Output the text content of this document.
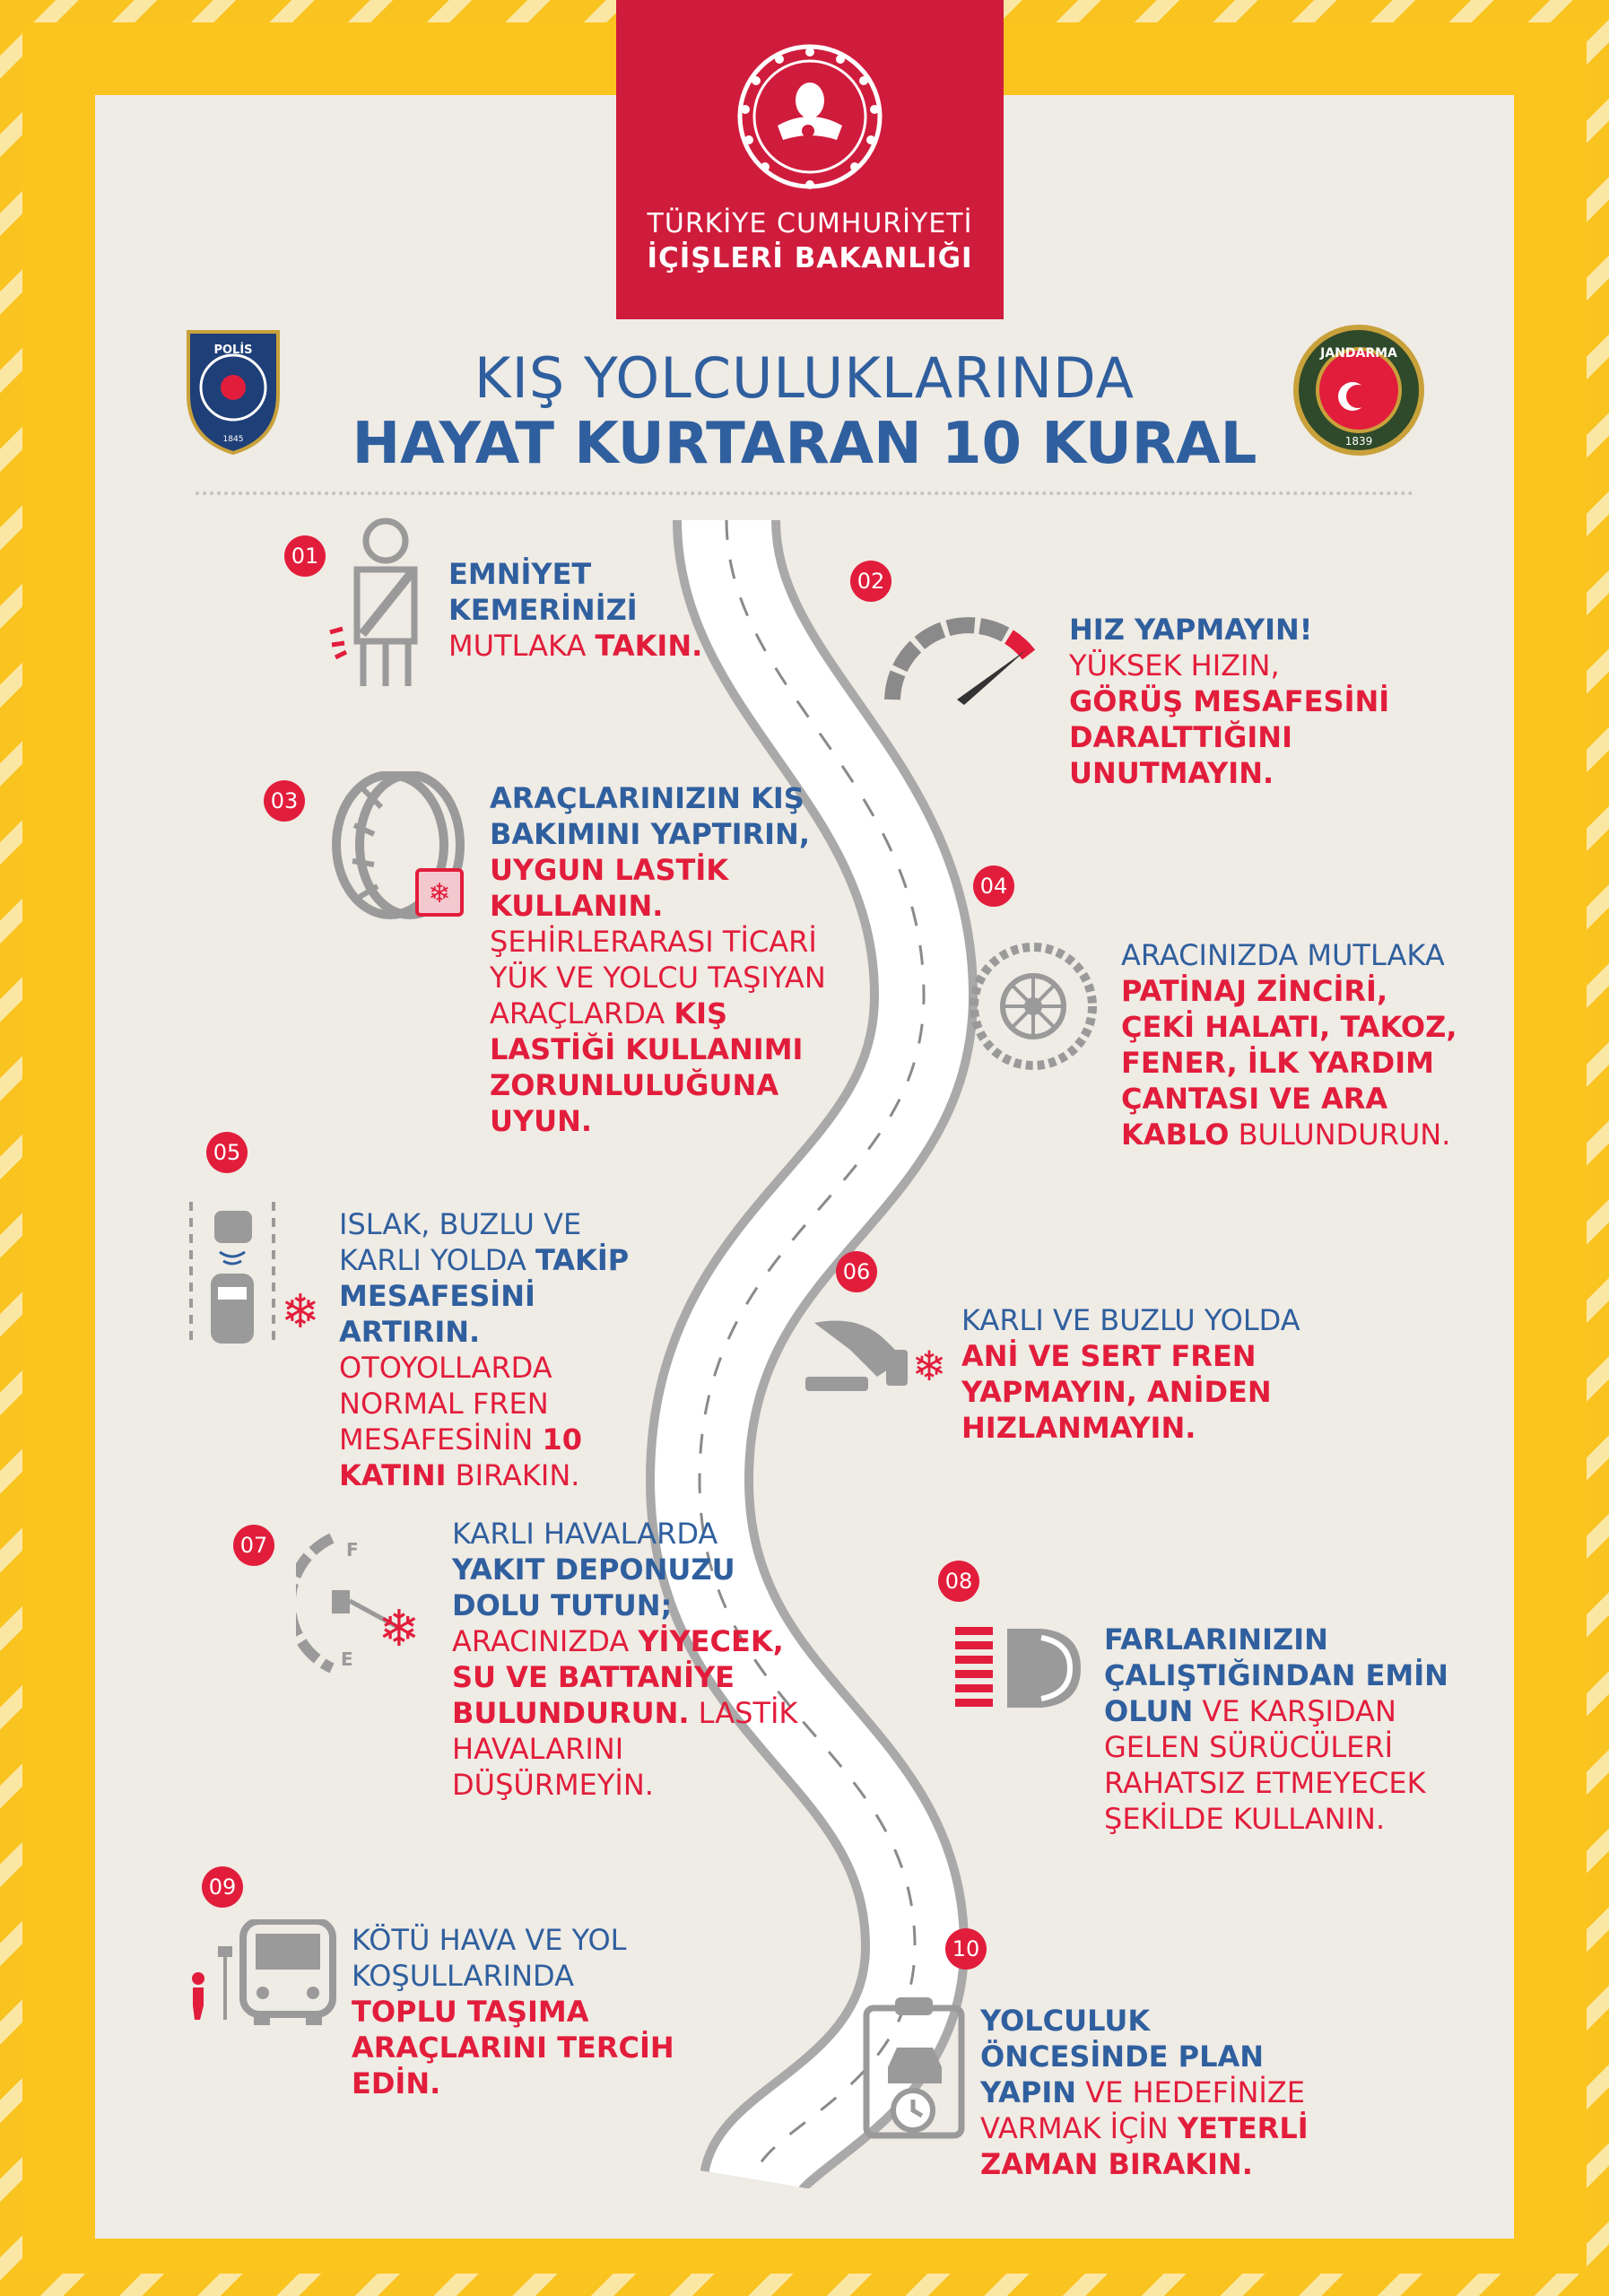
TÜRKİYE CUMHURİYETİ
İÇİŞLERİ BAKANLIĞI
POLİS
1845
JANDARMA
1839
KIŞ YOLCULUKLARINDA
HAYAT KURTARAN 10 KURAL
01
02
03
04
05
06
07
08
09
10
❄
❄
❄
F
E
❄
EMNİYET KEMERİNİZİ MUTLAKA TAKIN.	HIZ YAPMAYIN! YÜKSEK HIZIN, GÖRÜŞ MESAFESİNİ DARALTTIĞINI UNUTMAYIN.
ARAÇLARINIZIN KIŞ BAKIMINI YAPTIRIN, UYGUN LASTİK KULLANIN. ŞEHİRLERARASI TİCARİ YÜK VE YOLCU TAŞIYAN ARAÇLARDA KIŞ LASTİĞİ KULLANIMI ZORUNLULUĞUNA UYUN.
ARACINIZDA MUTLAKA PATİNAJ ZİNCİRİ, ÇEKİ HALATI, TAKOZ, FENER, İLK YARDIM ÇANTASI VE ARA KABLO BULUNDURUN.
ISLAK, BUZLU VE KARLI YOLDA TAKİP MESAFESİNİ ARTIRIN. OTOYOLLARDA NORMAL FREN MESAFESİNİN 10 KATINI BIRAKIN.
KARLI VE BUZLU YOLDA ANİ VE SERT FREN YAPMAYIN, ANİDEN HIZLANMAYIN.
KARLI HAVALARDA YAKIT DEPONUZU DOLU TUTUN; ARACINIZDA YİYECEK, SU VE BATTANİYE BULUNDURUN. LASTİK HAVALARINI DÜŞÜRMEYİN.
FARLARINIZIN ÇALIŞTIĞINDAN EMİN OLUN VE KARŞIDAN GELEN SÜRÜCÜLERİ RAHATSIZ ETMEYECEK ŞEKİLDE KULLANIN.
KÖTÜ HAVA VE YOL KOŞULLARINDA TOPLU TAŞIMA ARAÇLARINI TERCİH EDİN.
YOLCULUK ÖNCESİNDE PLAN YAPIN VE HEDEFİNİZE VARMAK İÇİN YETERLİ ZAMAN BIRAKIN.
